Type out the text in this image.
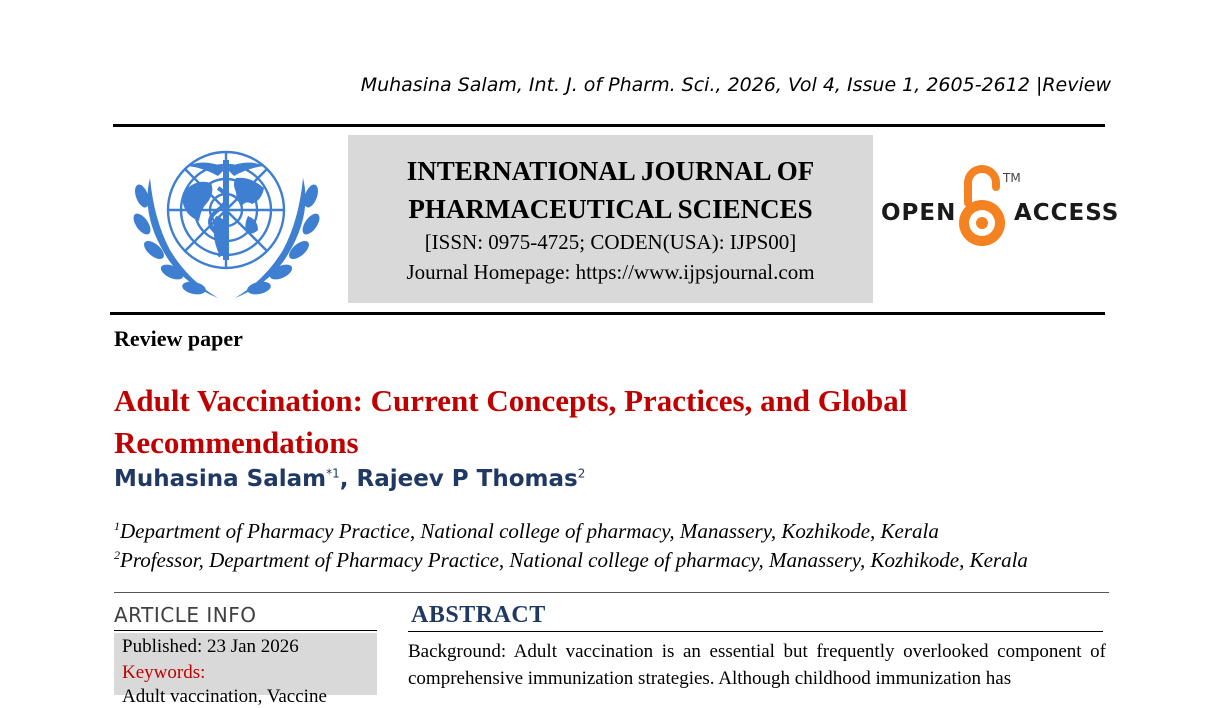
Muhasina Salam, Int. J. of Pharm. Sci., 2026, Vol 4, Issue 1, 2605-2612 |Review
INTERNATIONAL JOURNAL OF
PHARMACEUTICAL SCIENCES
[ISSN: 0975-4725; CODEN(USA): IJPS00]
Journal Homepage: https://www.ijpsjournal.com
OPEN
TM
ACCESS
Review paper
Adult Vaccination: Current Concepts, Practices, and Global Recommendations
Muhasina Salam$^{*1}$, Rajeev P Thomas$^2$
$^1$Department of Pharmacy Practice, National college of pharmacy, Manassery, Kozhikode, Kerala
$^2$Professor, Department of Pharmacy Practice, National college of pharmacy, Manassery, Kozhikode, Kerala
ARTICLE INFO
Published: 23 Jan 2026
Keywords:
Adult vaccination, Vaccine
ABSTRACT
Background: Adult vaccination is an essential but frequently overlooked component of comprehensive immunization strategies. Although childhood immunization has
